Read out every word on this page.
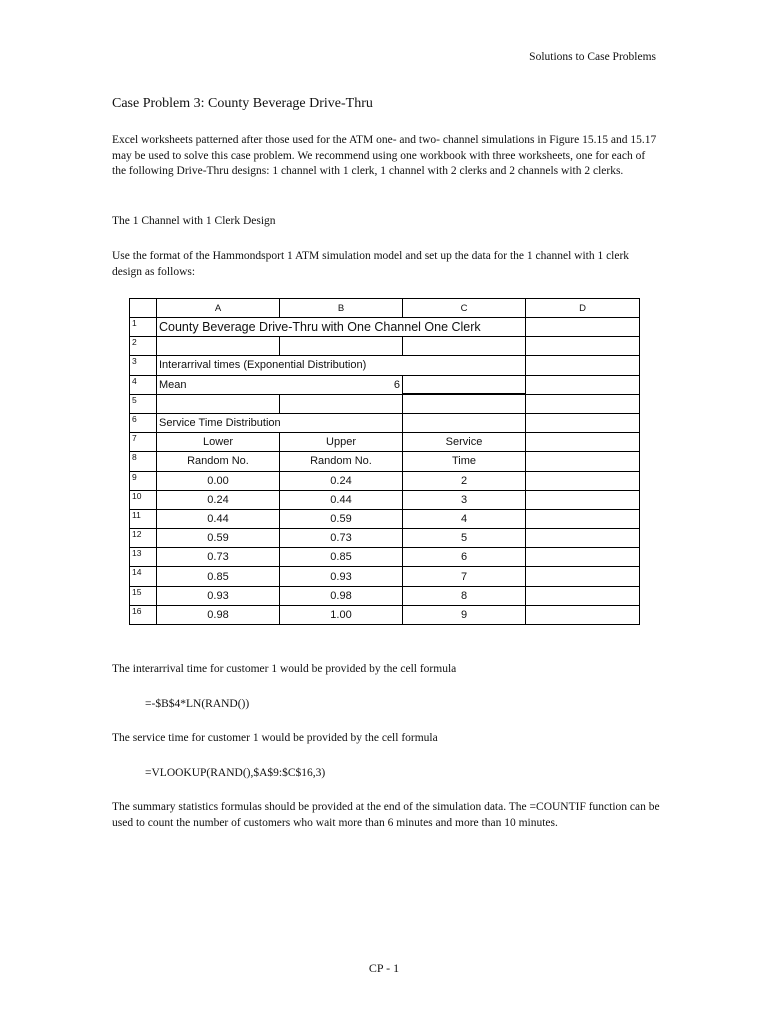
Solutions to Case Problems
Case Problem 3: County Beverage Drive-Thru
Excel worksheets patterned after those used for the ATM one- and two- channel simulations in Figure 15.15 and 15.17 may be used to solve this case problem. We recommend using one workbook with three worksheets, one for each of the following Drive-Thru designs: 1 channel with 1 clerk, 1 channel with 2 clerks and 2 channels with 2 clerks.
The 1 Channel with 1 Clerk Design
Use the format of the Hammondsport 1 ATM simulation model and set up the data for the 1 channel with 1 clerk design as follows:
	A	B	C	D
1	County Beverage Drive-Thru with One Channel One Clerk			
2				
3	Interarrival times (Exponential Distribution)			
4	Mean	6		
5				
6	Service Time Distribution			
7	Lower	Upper	Service	
8	Random No.	Random No.	Time	
9	0.00	0.24	2	
10	0.24	0.44	3	
11	0.44	0.59	4	
12	0.59	0.73	5	
13	0.73	0.85	6	
14	0.85	0.93	7	
15	0.93	0.98	8	
16	0.98	1.00	9	
The interarrival time for customer 1 would be provided by the cell formula
=-$B$4*LN(RAND())
The service time for customer 1 would be provided by the cell formula
=VLOOKUP(RAND(),$A$9:$C$16,3)
The summary statistics formulas should be provided at the end of the simulation data. The =COUNTIF function can be used to count the number of customers who wait more than 6 minutes and more than 10 minutes.
CP - 1
